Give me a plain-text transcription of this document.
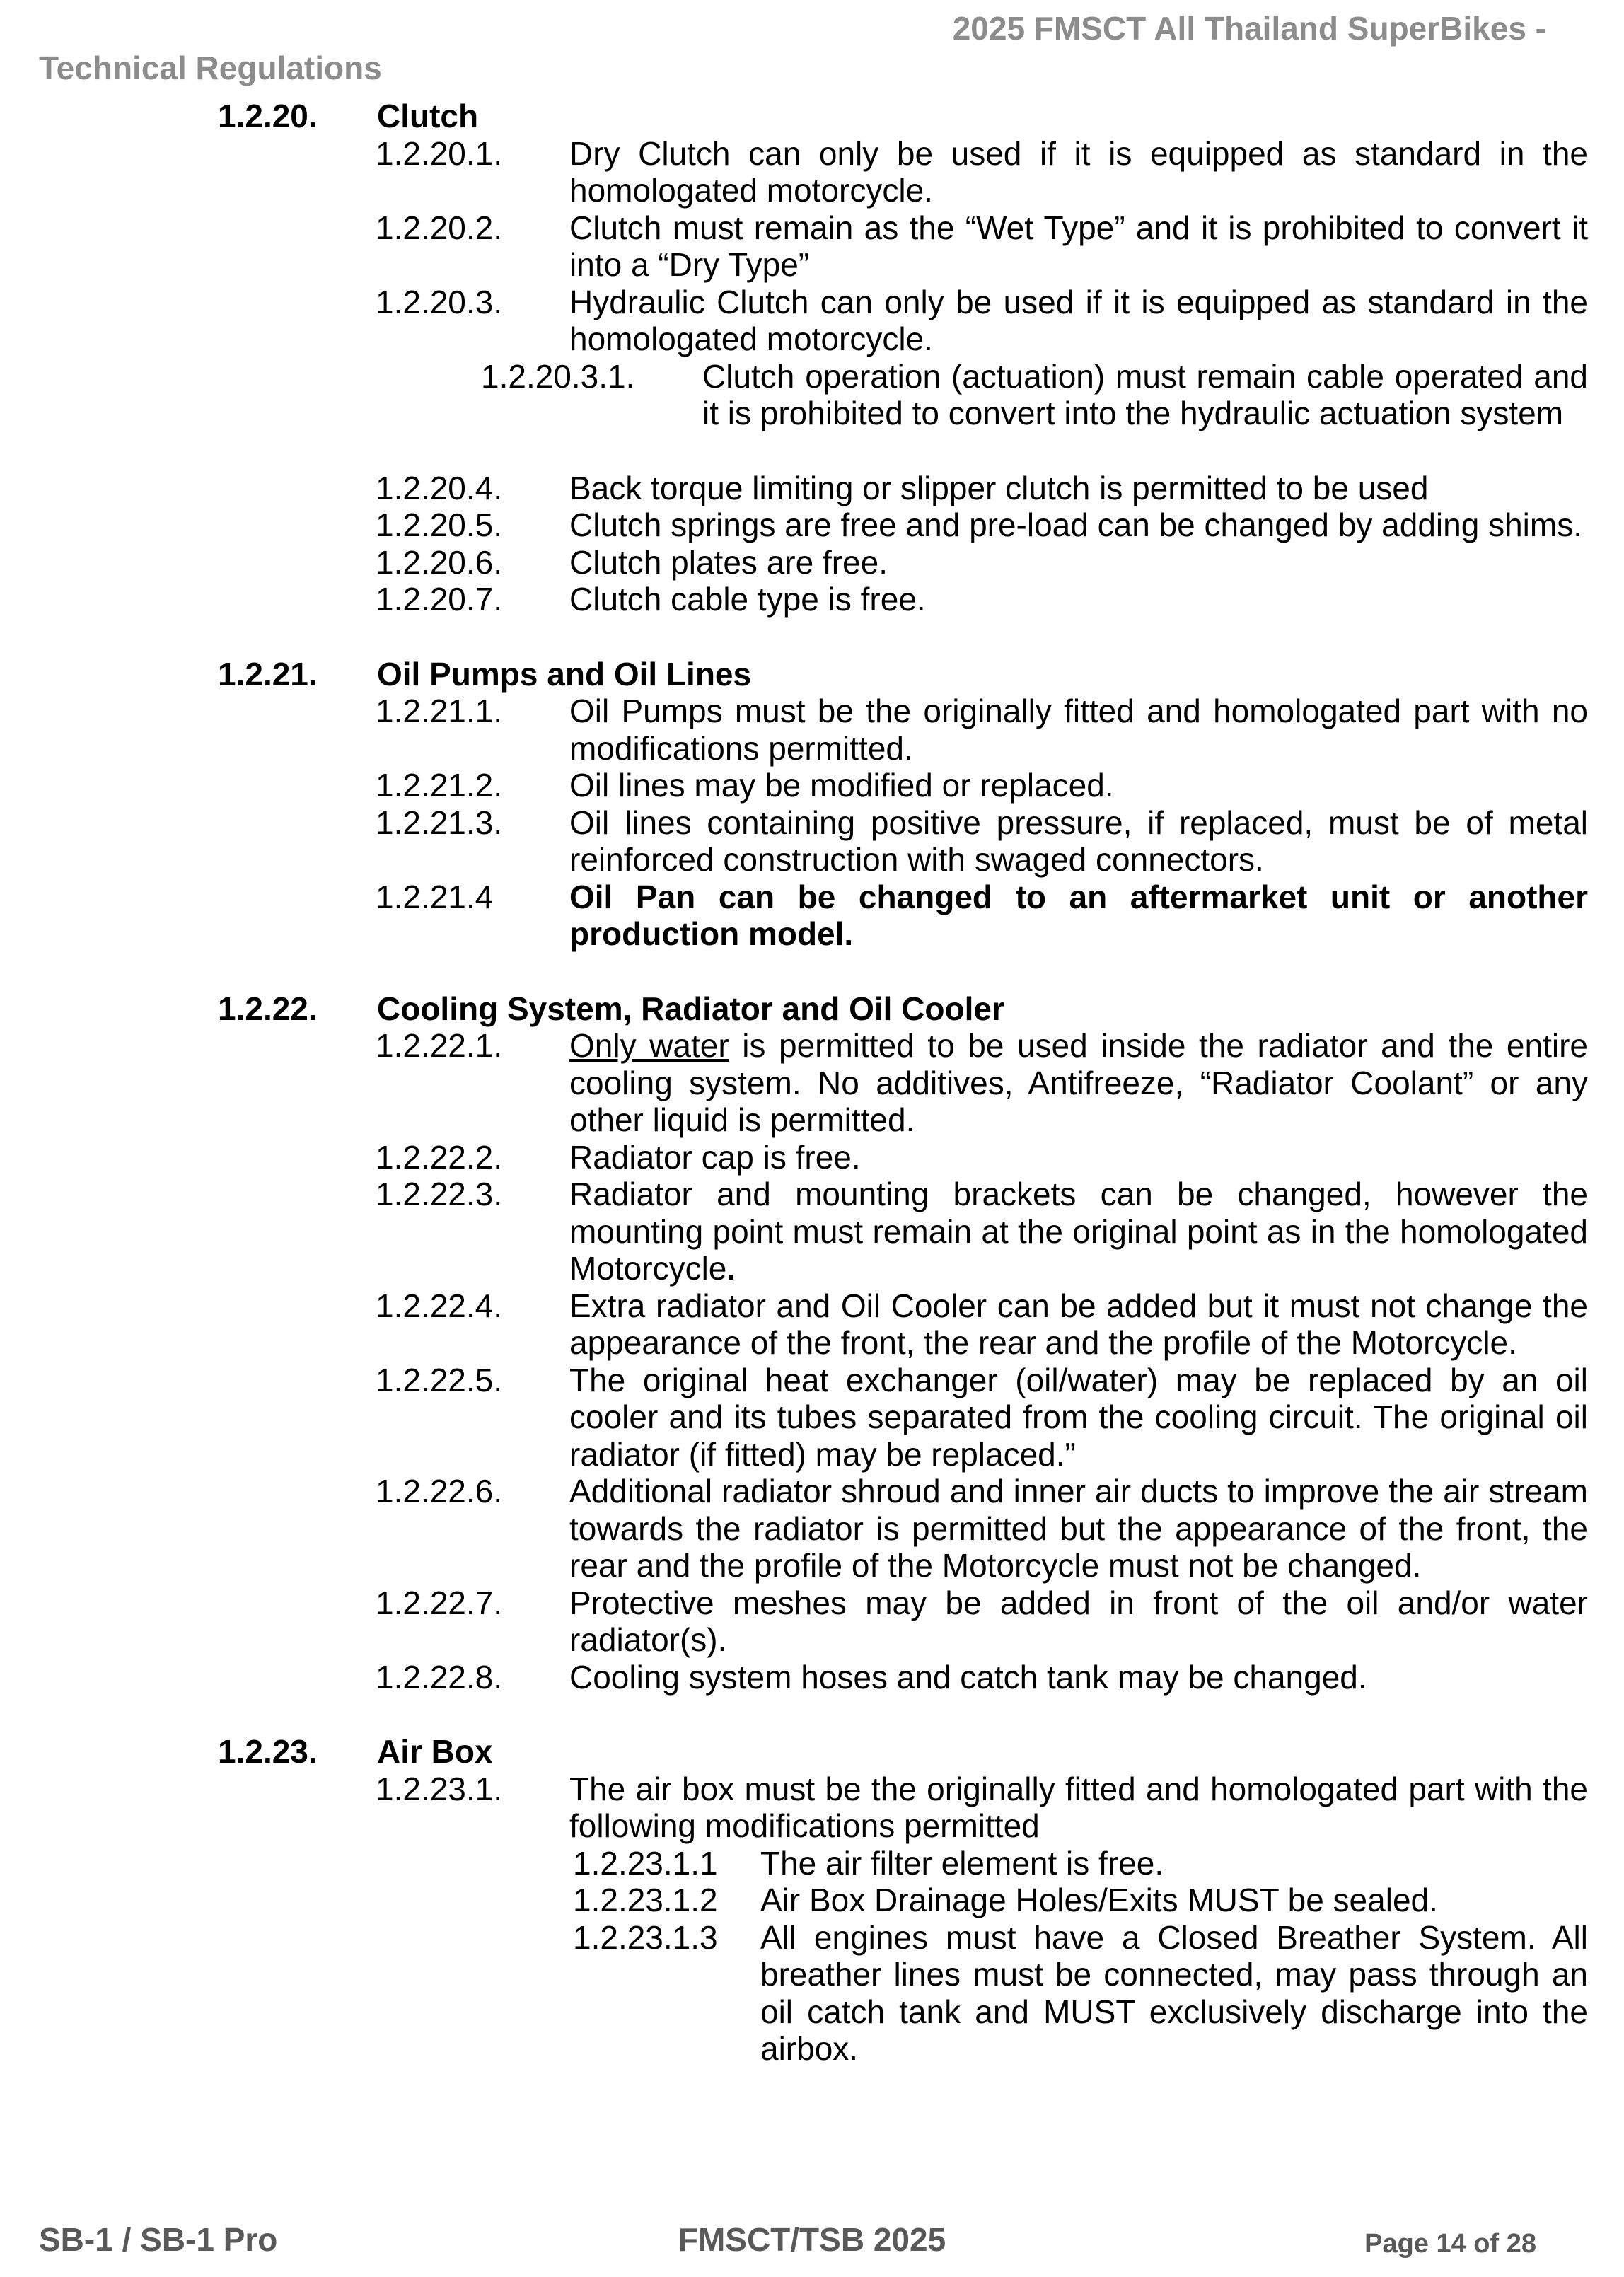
2025 FMSCT All Thailand SuperBikes -
Technical Regulations
1.2.20.	Clutch
1.2.20.1.	Dry Clutch can only be used if it is equipped as standard in the homologated motorcycle.

1.2.20.2.	Clutch must remain as the “Wet Type” and it is prohibited to convert it into a “Dry Type”

1.2.20.3.	Hydraulic Clutch can only be used if it is equipped as standard in the homologated motorcycle.

1.2.20.3.1.	Clutch operation (actuation) must remain cable operated and it is prohibited to convert into the hydraulic actuation system

1.2.20.4.	Back torque limiting or slipper clutch is permitted to be used

1.2.20.5.	Clutch springs are free and pre-load can be changed by adding shims.

1.2.20.6.	Clutch plates are free.

1.2.20.7.	Clutch cable type is free.

1.2.21.	Oil Pumps and Oil Lines
1.2.21.1.	Oil Pumps must be the originally fitted and homologated part with no modifications permitted.

1.2.21.2.	Oil lines may be modified or replaced.

1.2.21.3.	Oil lines containing positive pressure, if replaced, must be of metal reinforced construction with swaged connectors.

1.2.21.4	Oil Pan can be changed to an aftermarket unit or another production model.

1.2.22.	Cooling System, Radiator and Oil Cooler
1.2.22.1.	Only water is permitted to be used inside the radiator and the entire cooling system. No additives, Antifreeze, “Radiator Coolant” or any other liquid is permitted.

1.2.22.2.	Radiator cap is free.

1.2.22.3.	Radiator and mounting brackets can be changed, however the mounting point must remain at the original point as in the homologated Motorcycle.

1.2.22.4.	Extra radiator and Oil Cooler can be added but it must not change the appearance of the front, the rear and the profile of the Motorcycle.

1.2.22.5.	The original heat exchanger (oil/water) may be replaced by an oil cooler and its tubes separated from the cooling circuit. The original oil radiator (if fitted) may be replaced.”

1.2.22.6.	Additional radiator shroud and inner air ducts to improve the air stream towards the radiator is permitted but the appearance of the front, the rear and the profile of the Motorcycle must not be changed.

1.2.22.7.	Protective meshes may be added in front of the oil and/or water radiator(s).

1.2.22.8.	Cooling system hoses and catch tank may be changed.

1.2.23.	Air Box
1.2.23.1.	The air box must be the originally fitted and homologated part with the following modifications permitted

1.2.23.1.1	The air filter element is free.

1.2.23.1.2	Air Box Drainage Holes/Exits MUST be sealed.

1.2.23.1.3	All engines must have a Closed Breather System. All breather lines must be connected, may pass through an oil catch tank and MUST exclusively discharge into the airbox.

SB-1 / SB-1 Pro	FMSCT/TSB 2025	Page 14 of 28
